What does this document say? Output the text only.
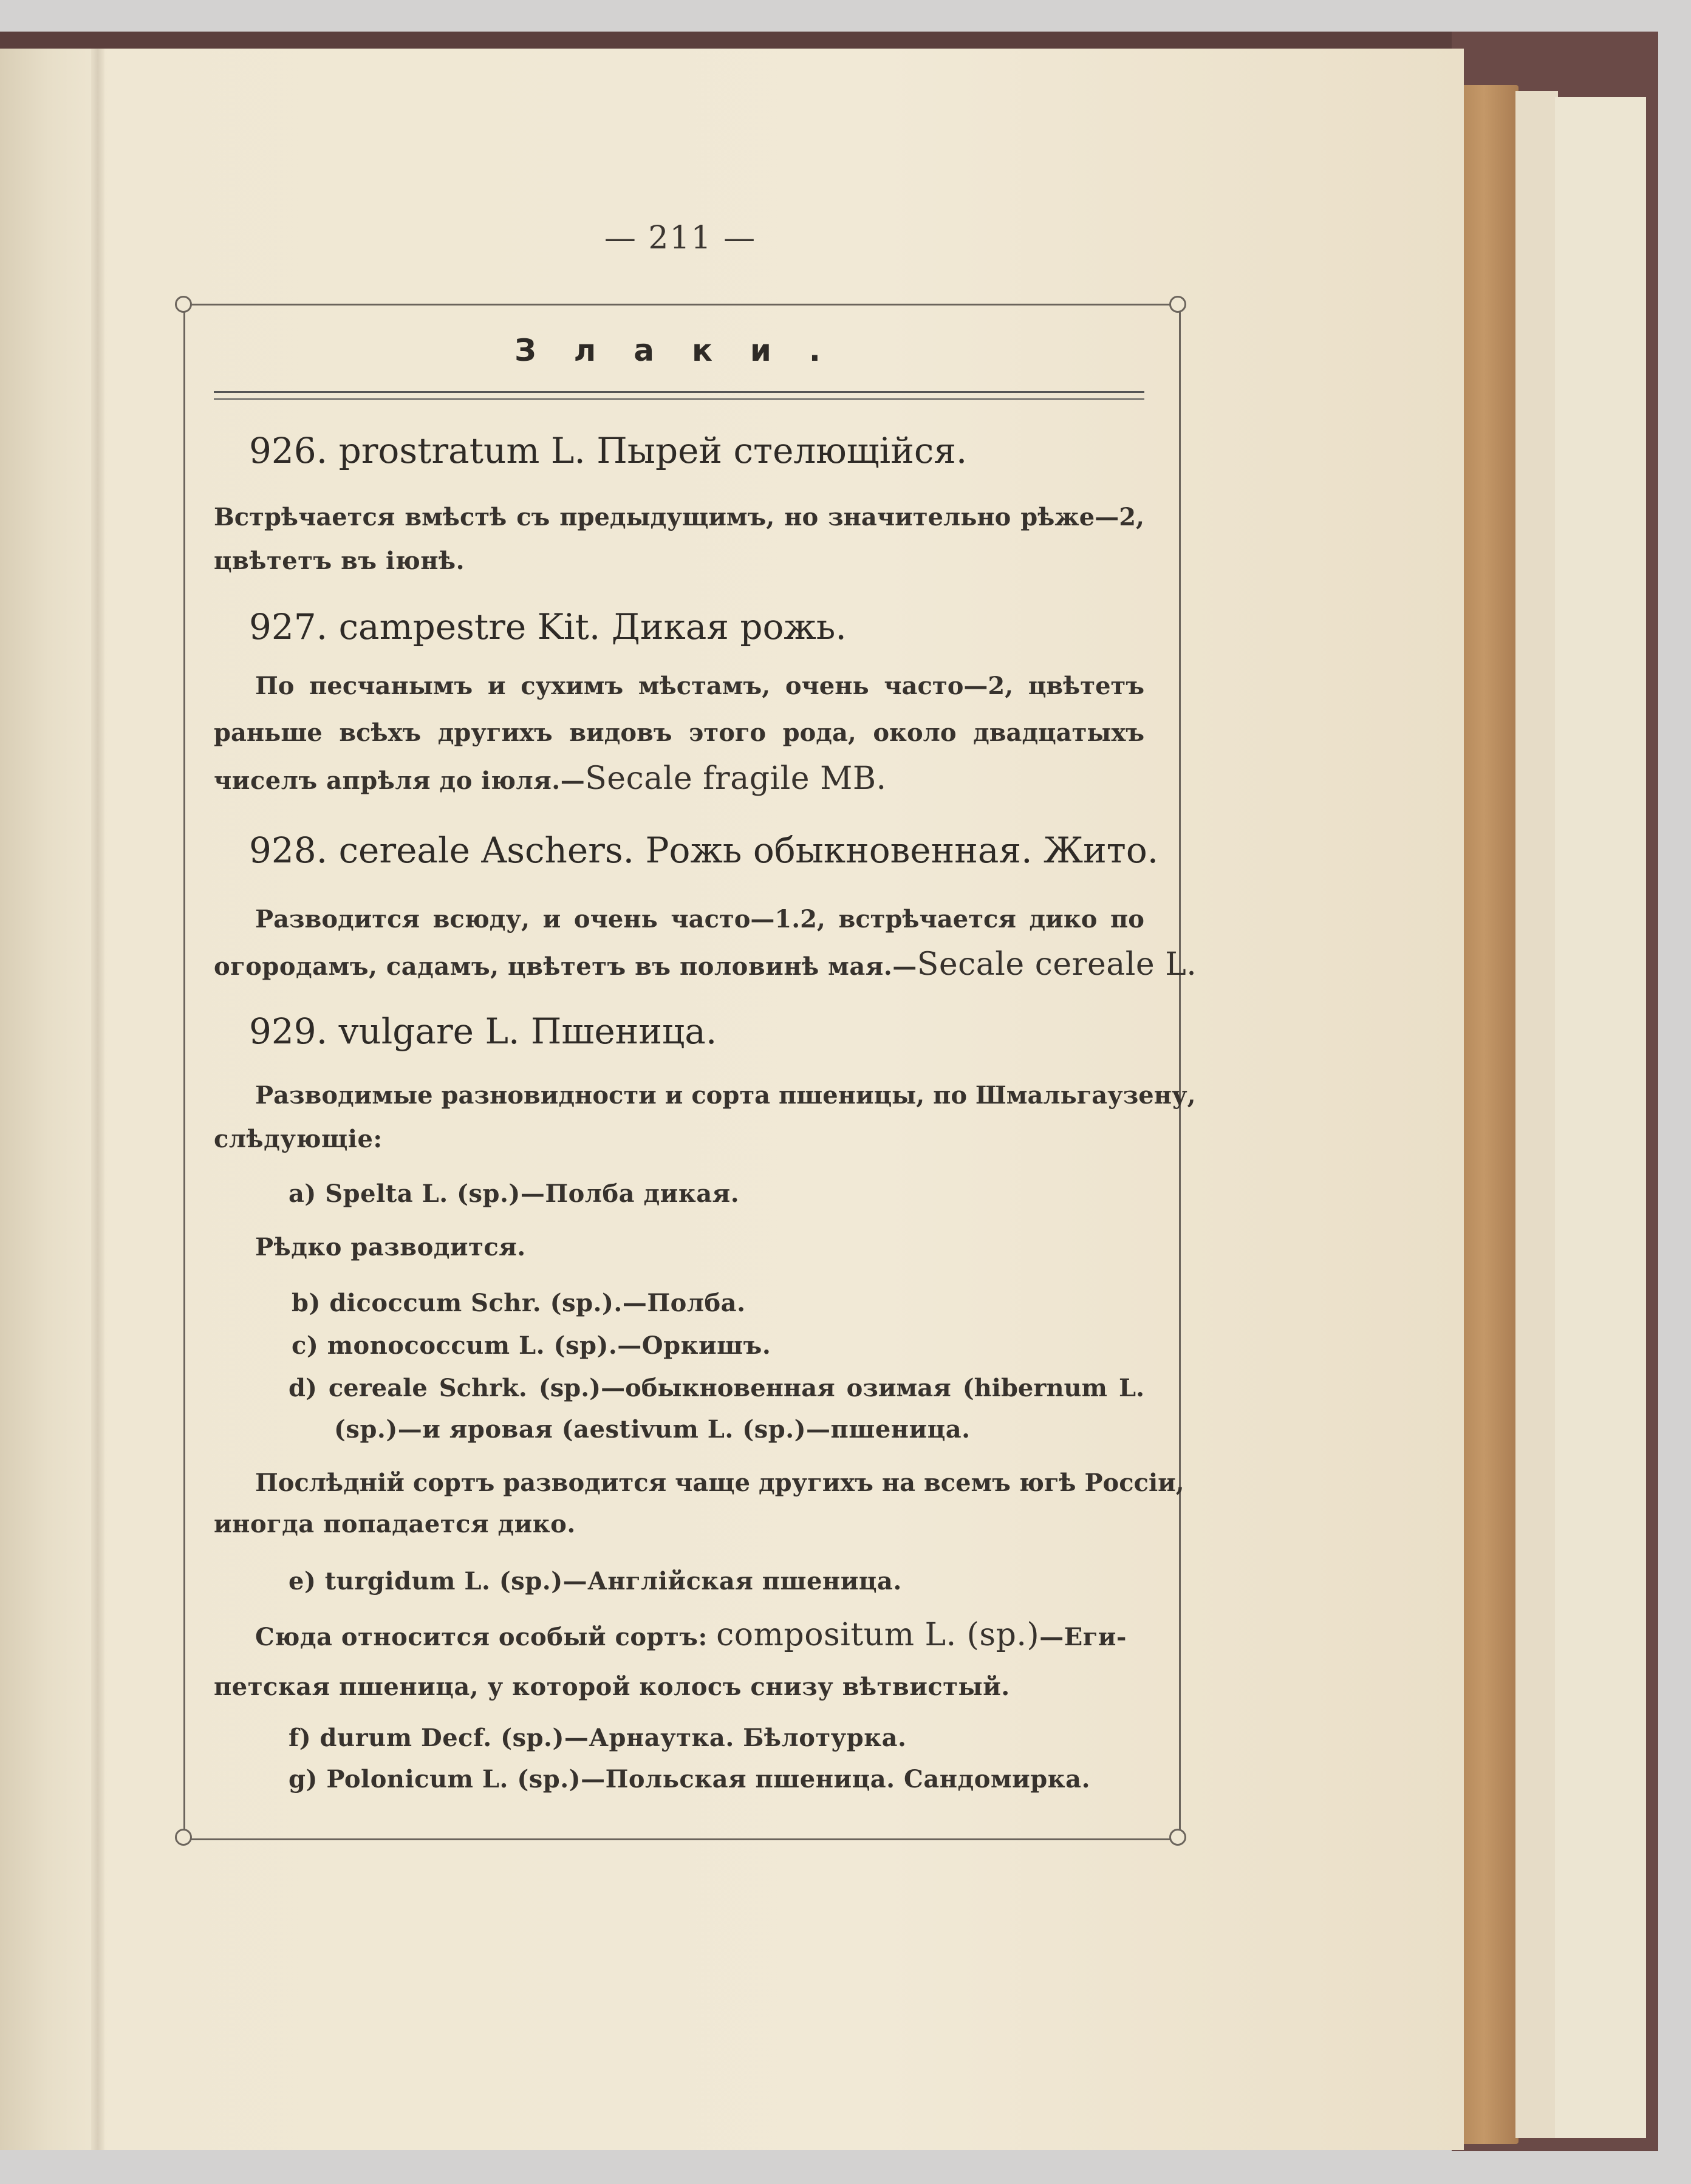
— 211 —
Злаки.
926. prostratum L. Пырей стелющійся.
Встрѣчается вмѣстѣ съ предыдущимъ, но значительно рѣже—2,
цвѣтетъ въ іюнѣ.
927. campestre Kit. Дикая рожь.
По песчанымъ и сухимъ мѣстамъ, очень часто—2, цвѣтетъ
раньше всѣхъ другихъ видовъ этого рода, около двадцатыхъ
чиселъ апрѣля до іюля.—Secale fragile MB.
928. cereale Aschers. Рожь обыкновенная. Жито.
Разводится всюду, и очень часто—1.2, встрѣчается дико по
огородамъ, садамъ, цвѣтетъ въ половинѣ мая.—Secale cereale L.
929. vulgare L. Пшеница.
Разводимые разновидности и сорта пшеницы, по Шмальгаузену,
слѣдующіе:
a) Spelta L. (sp.)—Полба дикая.
Рѣдко разводится.
b) dicoccum Schr. (sp.).—Полба.
c) monococcum L. (sp).—Оркишъ.
d) cereale Schrk. (sp.)—обыкновенная озимая (hibernum L.
(sp.)—и яровая (aestivum L. (sp.)—пшеница.
Послѣдній сортъ разводится чаще другихъ на всемъ югѣ Россіи,
иногда попадается дико.
e) turgidum L. (sp.)—Англійская пшеница.
Сюда относится особый сортъ: compositum L. (sp.)—Еги-
петская пшеница, у которой колосъ снизу вѣтвистый.
f) durum Decf. (sp.)—Арнаутка. Бѣлотурка.
g) Polonicum L. (sp.)—Польская пшеница. Сандомирка.
